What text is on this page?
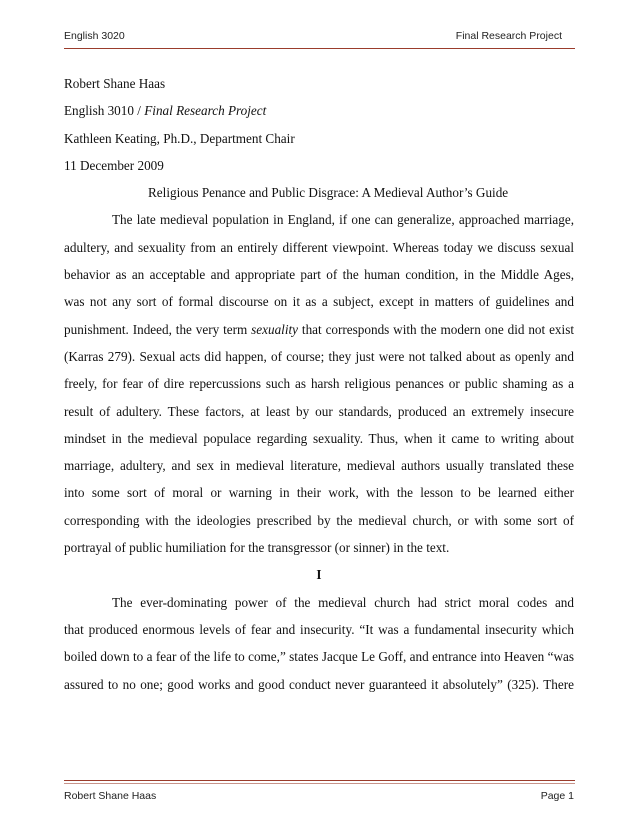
English 3020	Final Research Project
Robert Shane Haas
English 3010 / Final Research Project
Kathleen Keating, Ph.D., Department Chair
11 December 2009
Religious Penance and Public Disgrace: A Medieval Author’s Guide
The late medieval population in England, if one can generalize, approached marriage,
adultery, and sexuality from an entirely different viewpoint. Whereas today we discuss sexual
behavior as an acceptable and appropriate part of the human condition, in the Middle Ages,
was not any sort of formal discourse on it as a subject, except in matters of guidelines and
punishment. Indeed, the very term sexuality that corresponds with the modern one did not exist
(Karras 279). Sexual acts did happen, of course; they just were not talked about as openly and
freely, for fear of dire repercussions such as harsh religious penances or public shaming as a
result of adultery. These factors, at least by our standards, produced an extremely insecure
mindset in the medieval populace regarding sexuality. Thus, when it came to writing about
marriage, adultery, and sex in medieval literature, medieval authors usually translated these
into some sort of moral or warning in their work, with the lesson to be learned either
corresponding with the ideologies prescribed by the medieval church, or with some sort of
portrayal of public humiliation for the transgressor (or sinner) in the text.
I
The ever-dominating power of the medieval church had strict moral codes and
that produced enormous levels of fear and insecurity. “It was a fundamental insecurity which
boiled down to a fear of the life to come,” states Jacque Le Goff, and entrance into Heaven “was
assured to no one; good works and good conduct never guaranteed it absolutely” (325). There
Robert Shane Haas	Page 1
